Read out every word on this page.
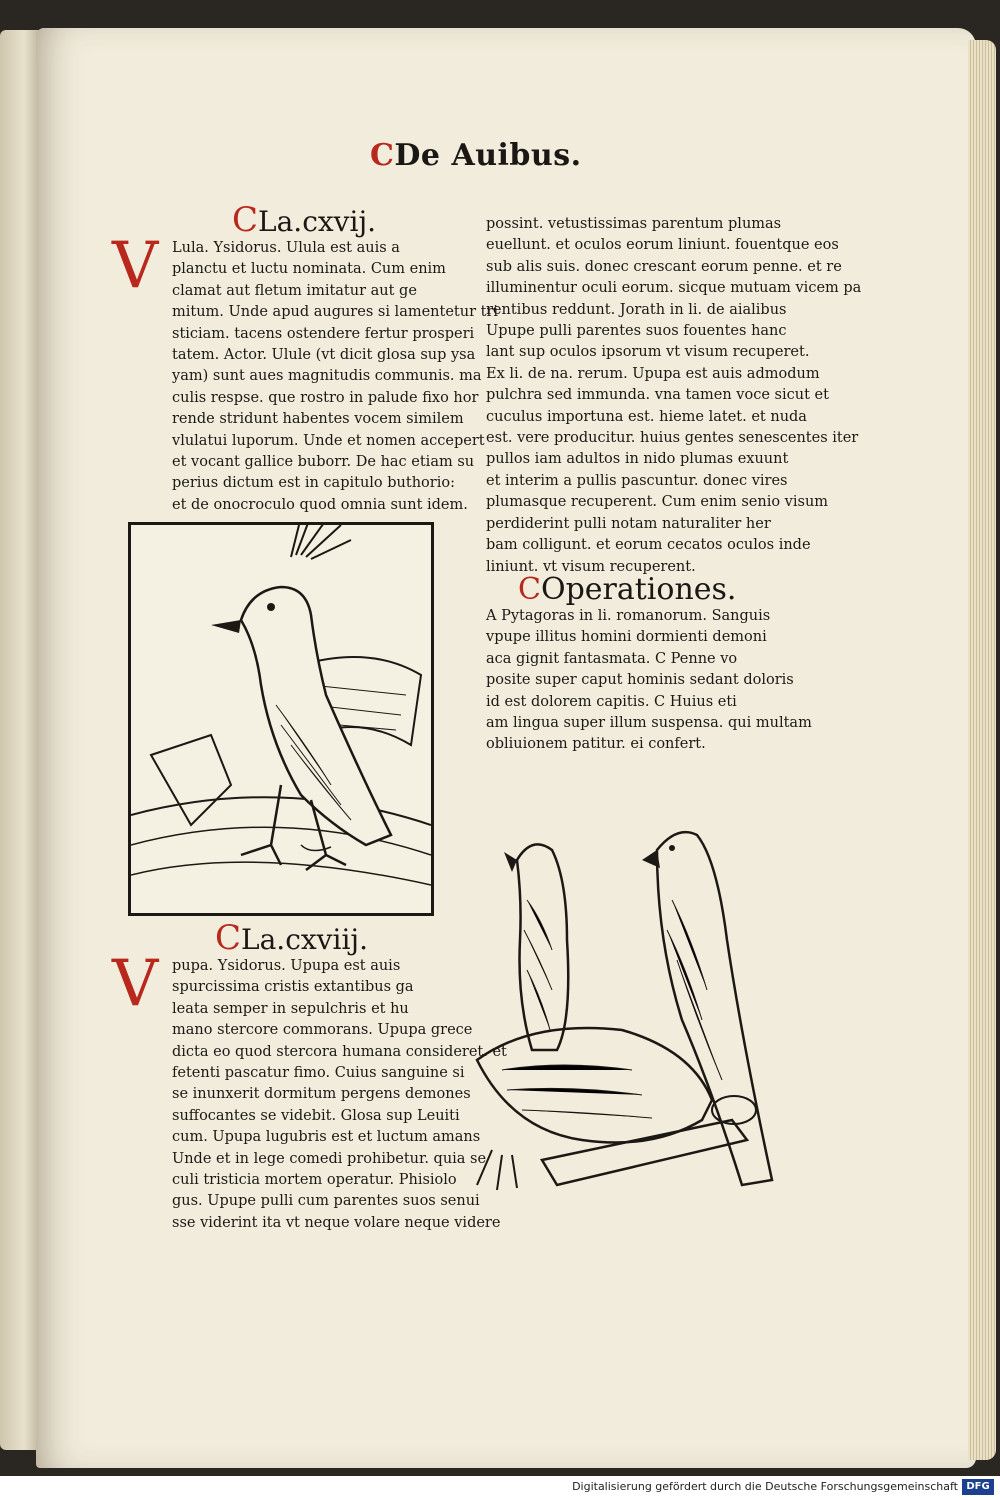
CDe Auibus.
CLa.cxvij.
V Lula. Ysidorus. Ulula est auis a

planctu et luctu nominata. Cum enim

clamat aut fletum imitatur aut ge

mitum. Unde apud augures si lamentetur tri

sticiam. tacens ostendere fertur prosperi

tatem. Actor. Ulule (vt dicit glosa sup ysa

yam) sunt aues magnitudis communis. ma

culis respse. que rostro in palude fixo hor

rende stridunt habentes vocem similem

vlulatui luporum. Unde et nomen accepert

et vocant gallice buborr. De hac etiam su

perius dictum est in capitulo buthorio:

et de onocroculo quod omnia sunt idem.

CLa.cxviij.
V pupa. Ysidorus. Upupa est auis

spurcissima cristis extantibus ga

leata semper in sepulchris et hu

mano stercore commorans. Upupa grece

dicta eo quod stercora humana consideret. et

fetenti pascatur fimo. Cuius sanguine si

se inunxerit dormitum pergens demones

suffocantes se videbit. Glosa sup Leuiti

cum. Upupa lugubris est et luctum amans

Unde et in lege comedi prohibetur. quia se

culi tristicia mortem operatur. Phisiolo

gus. Upupe pulli cum parentes suos senui

sse viderint ita vt neque volare neque videre

possint. vetustissimas parentum plumas

euellunt. et oculos eorum liniunt. fouentque eos

sub alis suis. donec crescant eorum penne. et re

illuminentur oculi eorum. sicque mutuam vicem pa

rentibus reddunt. Jorath in li. de aialibus

Upupe pulli parentes suos fouentes hanc

lant sup oculos ipsorum vt visum recuperet.

Ex li. de na. rerum. Upupa est auis admodum

pulchra sed immunda. vna tamen voce sicut et

cuculus importuna est. hieme latet. et nuda

est. vere producitur. huius gentes senescentes iter

pullos iam adultos in nido plumas exuunt

et interim a pullis pascuntur. donec vires

plumasque recuperent. Cum enim senio visum

perdiderint pulli notam naturaliter her

bam colligunt. et eorum cecatos oculos inde

liniunt. vt visum recuperent.

COperationes.

A Pytagoras in li. romanorum. Sanguis

vpupe illitus homini dormienti demoni

aca gignit fantasmata. C Penne vo

posite super caput hominis sedant doloris

id est dolorem capitis. C Huius eti

am lingua super illum suspensa. qui multam

obliuionem patitur. ei confert.

Digitalisierung gefördert durch die Deutsche Forschungsgemeinschaft DFG
